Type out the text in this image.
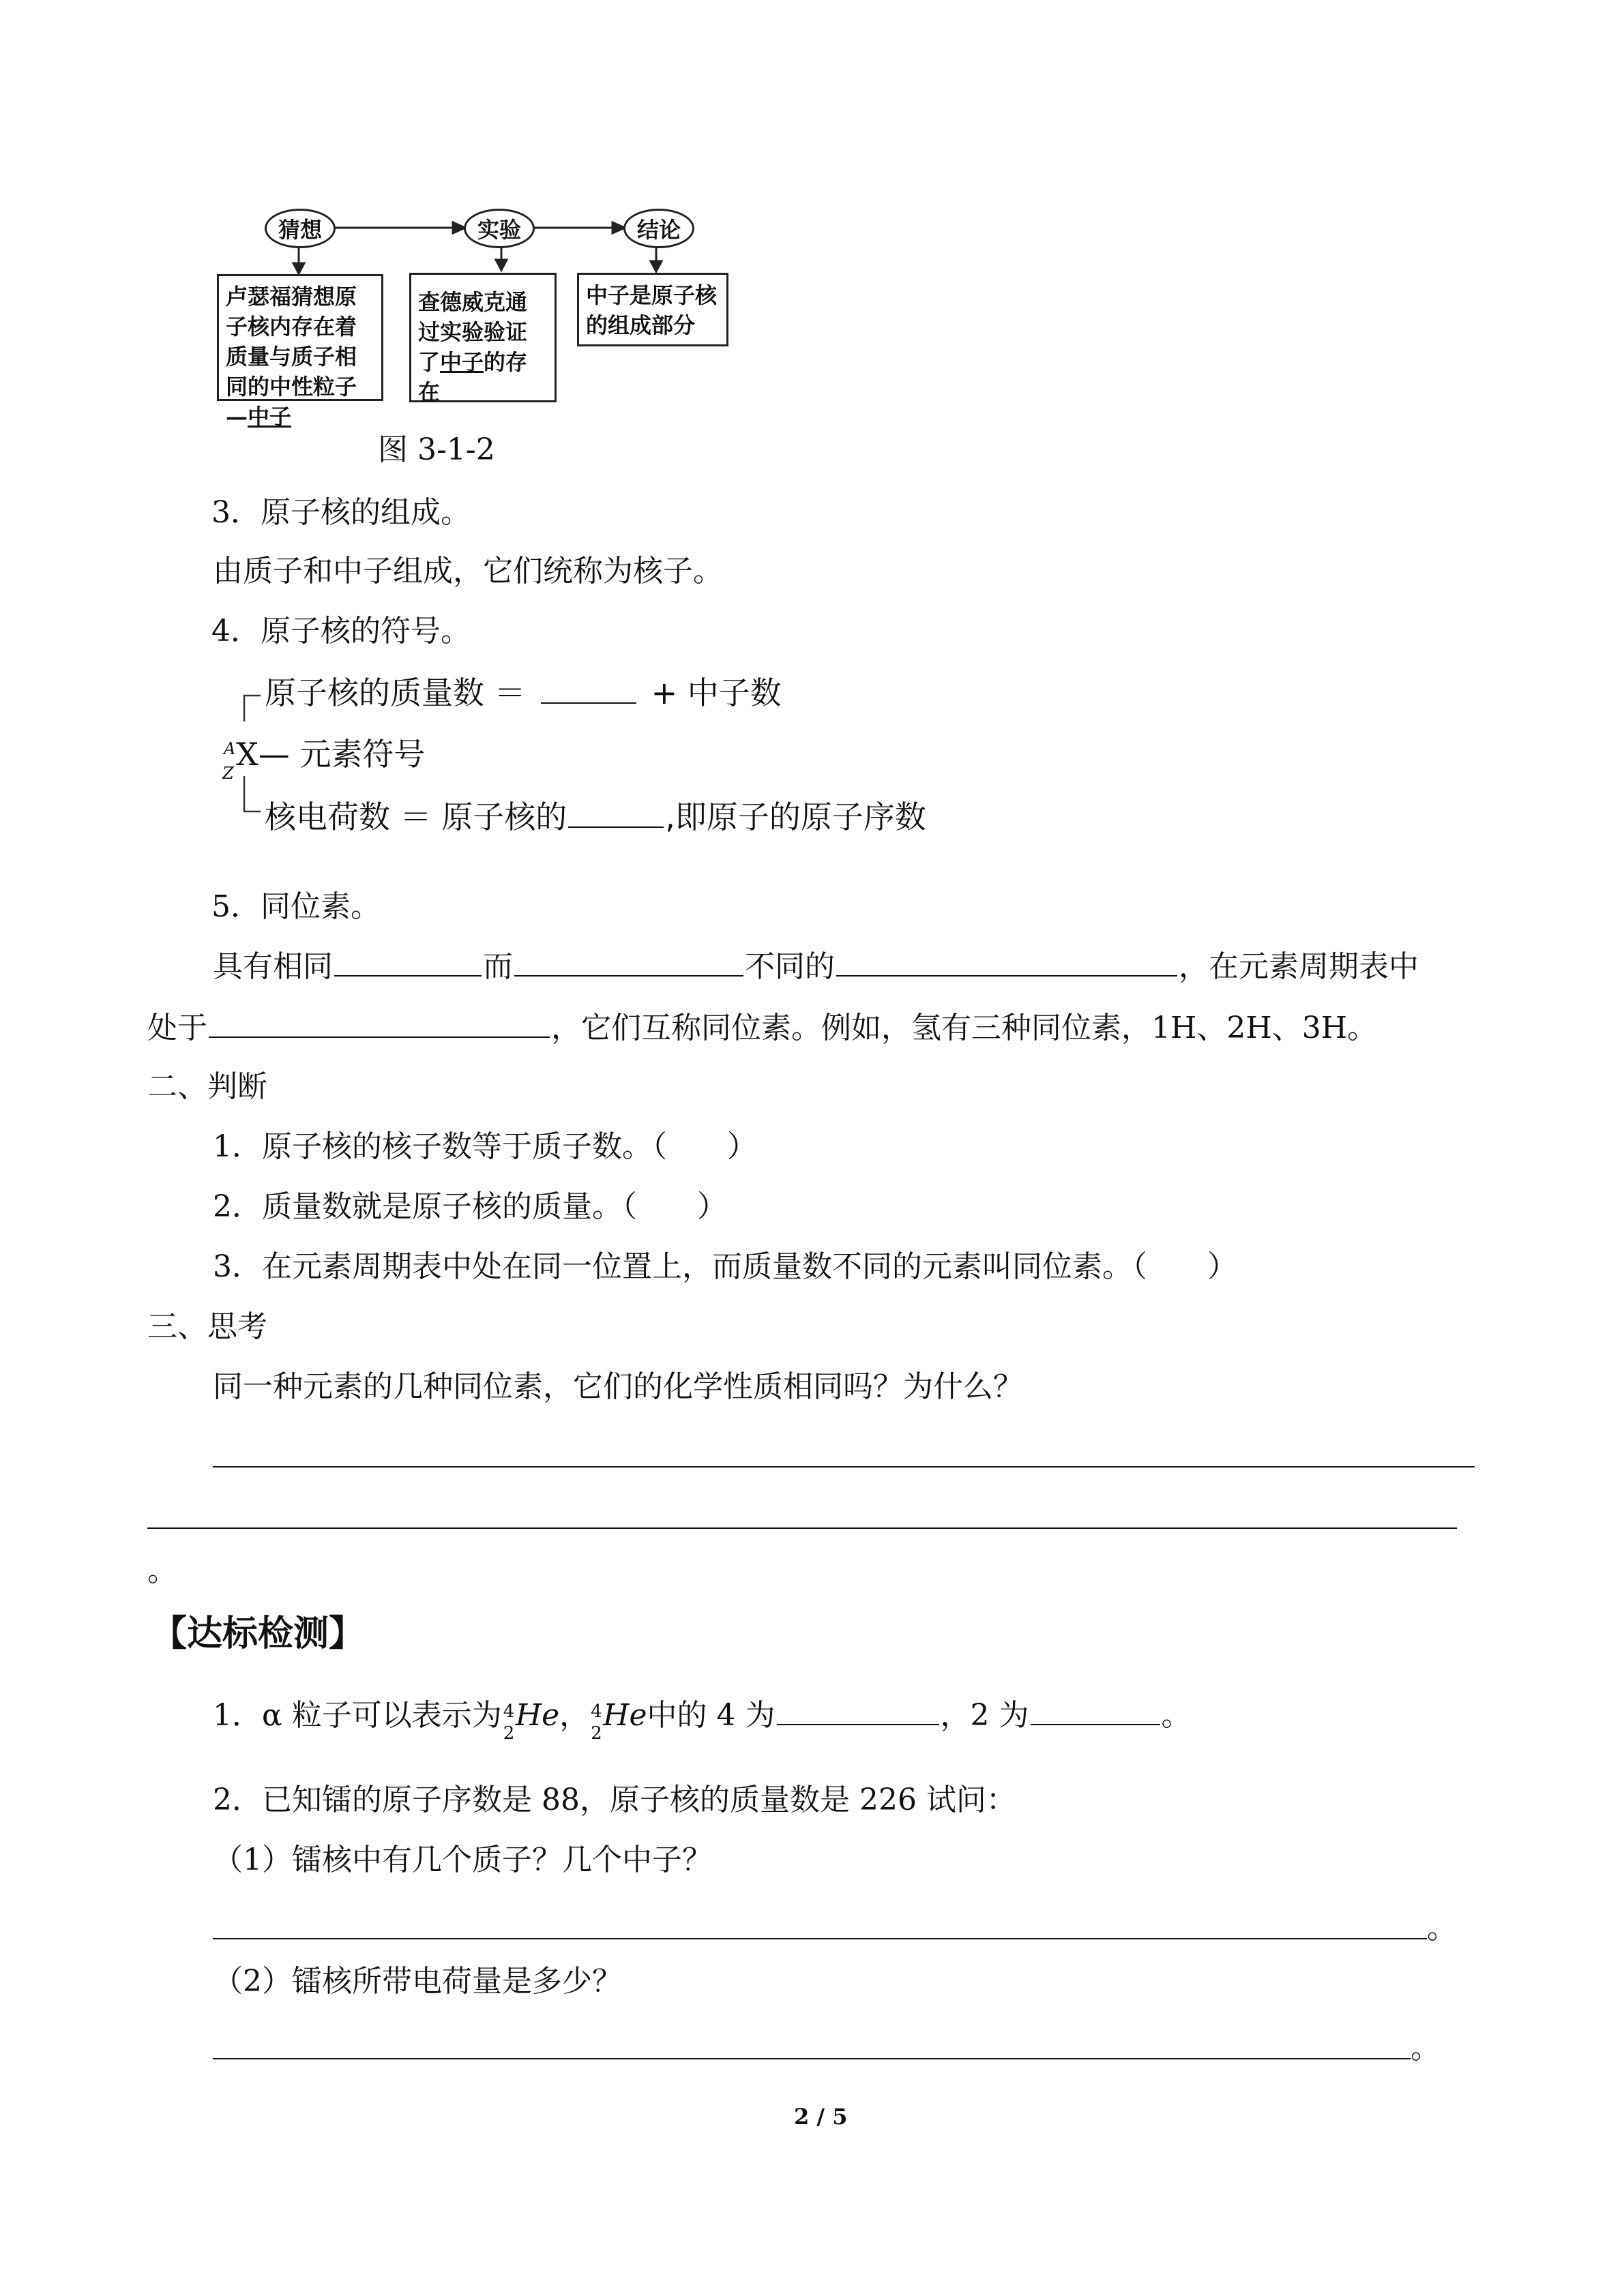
猜想	实验	结论
卢瑟福猜想原子核内存在着质量与质子相同的中性粒子—中子
查德威克通过实验验证了中子的存在
中子是原子核的组成部分
图 3-1-2
3．原子核的组成。
由质子和中子组成，它们统称为核子。
4．原子核的符号。
原子核的质量数 ＝	+ 中子数
A
Z
X— 元素符号
核电荷数 ＝ 原子核的	,即原子的原子序数
5．同位素。
具有相同	而	不同的	，在元素周期表中
处于	，它们互称同位素。例如，氢有三种同位素，1H、2H、3H。
二、判断
1．原子核的核子数等于质子数。（　　）
2．质量数就是原子核的质量。（　　）
3．在元素周期表中处在同一位置上，而质量数不同的元素叫同位素。（　　）
三、思考
同一种元素的几种同位素，它们的化学性质相同吗？为什么？
。
【达标检测】
1．α 粒子可以表示为 4
2
He， 4
2
He中的 4 为	，2 为	。
2．已知镭的原子序数是 88，原子核的质量数是 226 试问：
（1）镭核中有几个质子？几个中子？
。
（2）镭核所带电荷量是多少？
。
2 / 5
